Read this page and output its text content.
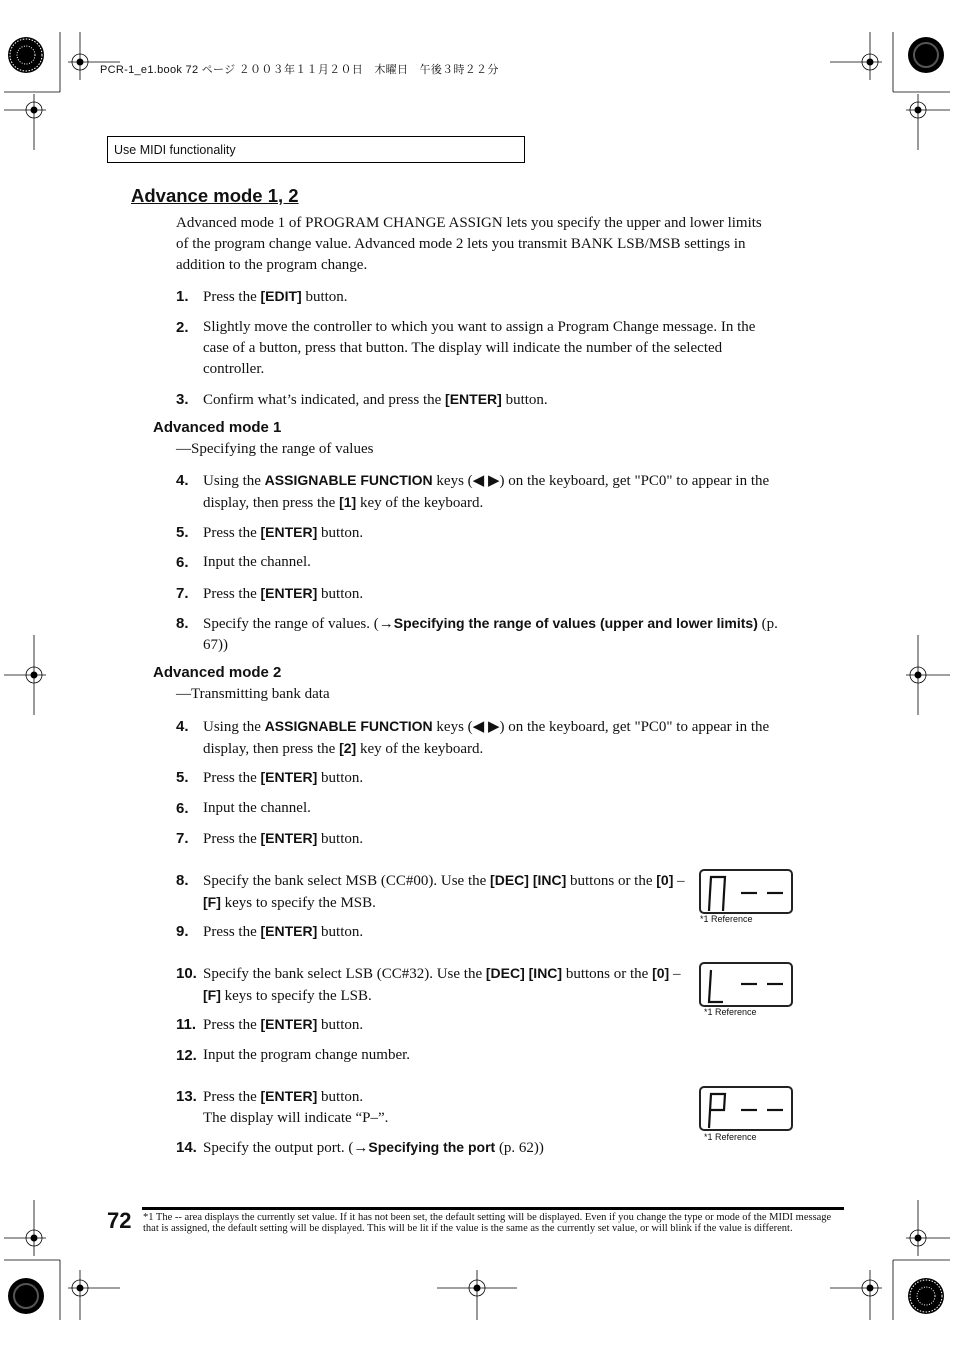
PCR-1_e1.book 72 ページ ２００３年１１月２０日　木曜日　午後３時２２分
Use MIDI functionality
Advance mode 1, 2
Advanced mode 1 of PROGRAM CHANGE ASSIGN lets you specify the upper and lower limits of the program change value. Advanced mode 2 lets you transmit BANK LSB/MSB settings in addition to the program change.
1. Press the [EDIT] button.
2. Slightly move the controller to which you want to assign a Program Change message. In the case of a button, press that button. The display will indicate the number of the selected controller.
3. Confirm what’s indicated, and press the [ENTER] button.
Advanced mode 1
—Specifying the range of values
4. Using the ASSIGNABLE FUNCTION keys (◀ ▶) on the keyboard, get "PC0" to appear in the display, then press the [1] key of the keyboard.
5. Press the [ENTER] button.
6. Input the channel.
7. Press the [ENTER] button.
8. Specify the range of values. (→Specifying the range of values (upper and lower limits) (p. 67))
Advanced mode 2
—Transmitting bank data
4. Using the ASSIGNABLE FUNCTION keys (◀ ▶) on the keyboard, get "PC0" to appear in the display, then press the [2] key of the keyboard.
5. Press the [ENTER] button.
6. Input the channel.
7. Press the [ENTER] button.
8. Specify the bank select MSB (CC#00). Use the [DEC] [INC] buttons or the [0] – [F] keys to specify the MSB.
9. Press the [ENTER] button.
10. Specify the bank select LSB (CC#32). Use the [DEC] [INC] buttons or the [0] – [F] keys to specify the LSB.
11. Press the [ENTER] button.
12. Input the program change number.
13. Press the [ENTER] button.
The display will indicate “P–”.
14. Specify the output port. (→Specifying the port (p. 62))
*1 Reference
*1 Reference
*1 Reference
72 *1 The -- area displays the currently set value. If it has not been set, the default setting will be displayed. Even if you change the type or mode of the MIDI message that is assigned, the default setting will be displayed. This will be lit if the value is the same as the currently set value, or will blink if the value is different.
